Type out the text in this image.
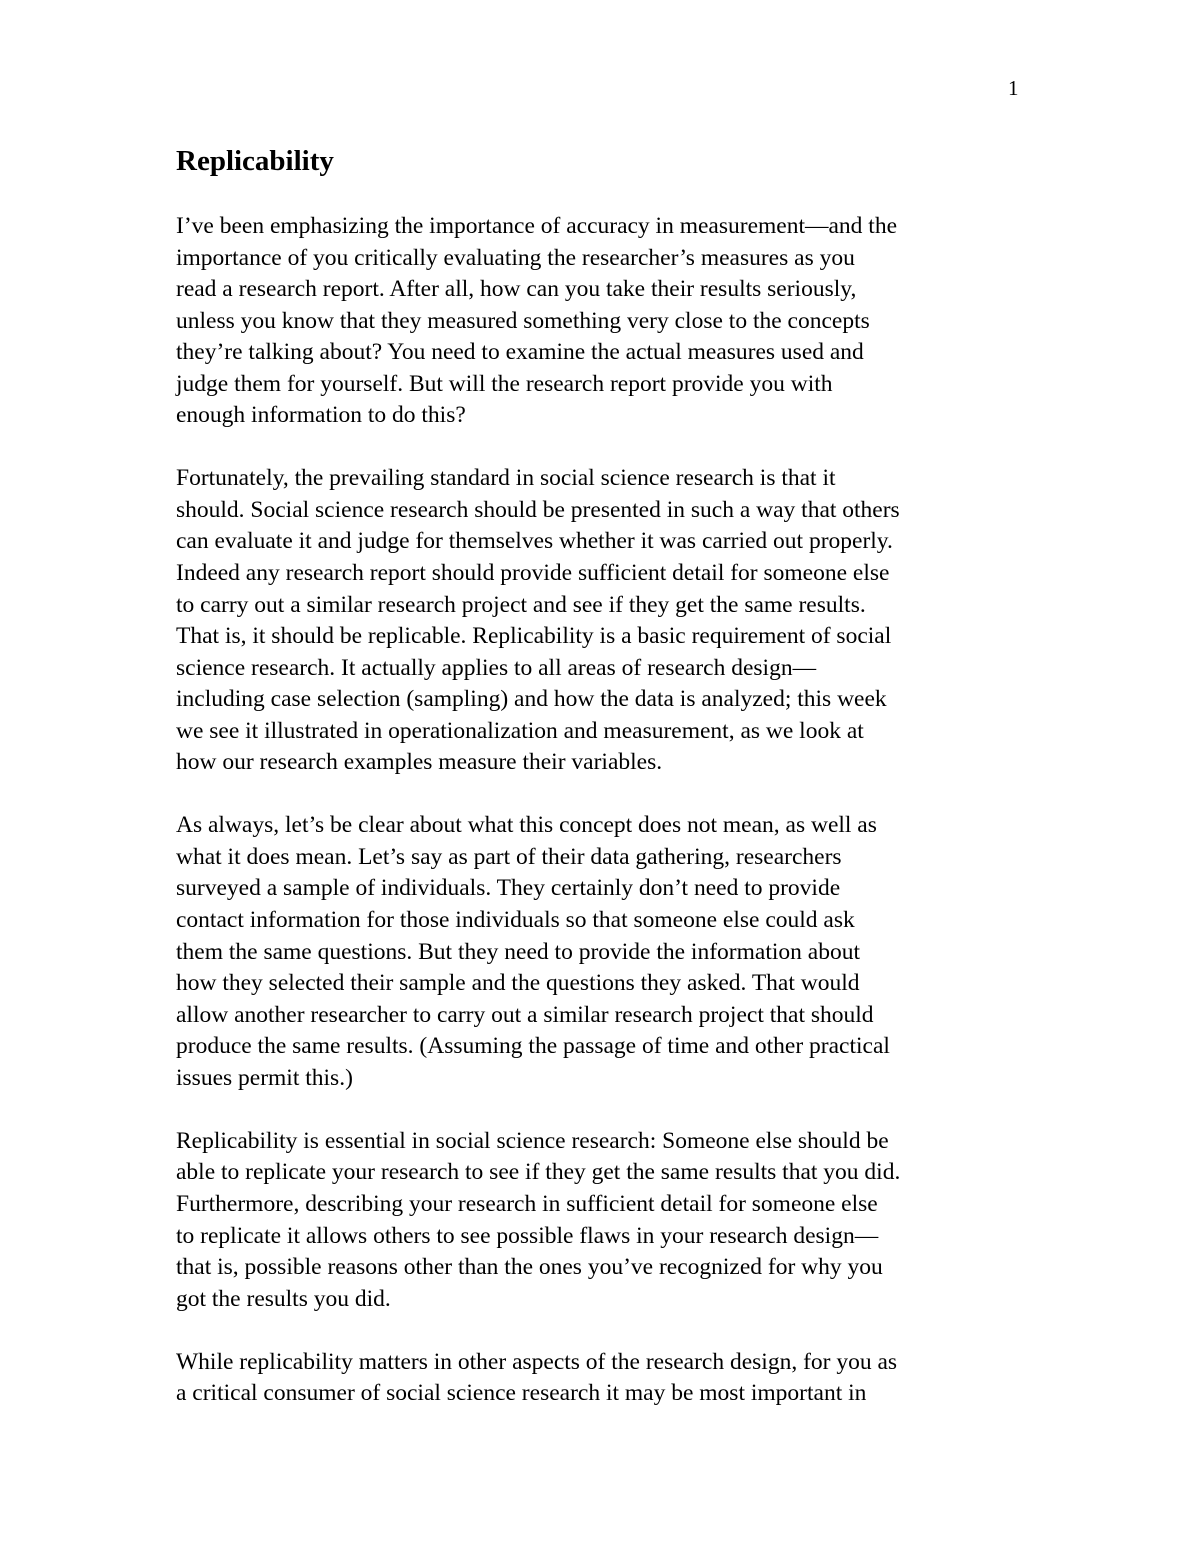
1
Replicability

I’ve been emphasizing the importance of accuracy in measurement—and the
importance of you critically evaluating the researcher’s measures as you
read a research report. After all, how can you take their results seriously,
unless you know that they measured something very close to the concepts
they’re talking about? You need to examine the actual measures used and
judge them for yourself. But will the research report provide you with
enough information to do this?

Fortunately, the prevailing standard in social science research is that it
should. Social science research should be presented in such a way that others
can evaluate it and judge for themselves whether it was carried out properly.
Indeed any research report should provide sufficient detail for someone else
to carry out a similar research project and see if they get the same results.
That is, it should be replicable. Replicability is a basic requirement of social
science research. It actually applies to all areas of research design—
including case selection (sampling) and how the data is analyzed; this week
we see it illustrated in operationalization and measurement, as we look at
how our research examples measure their variables.

As always, let’s be clear about what this concept does not mean, as well as
what it does mean. Let’s say as part of their data gathering, researchers
surveyed a sample of individuals. They certainly don’t need to provide
contact information for those individuals so that someone else could ask
them the same questions. But they need to provide the information about
how they selected their sample and the questions they asked. That would
allow another researcher to carry out a similar research project that should
produce the same results. (Assuming the passage of time and other practical
issues permit this.)

Replicability is essential in social science research: Someone else should be
able to replicate your research to see if they get the same results that you did.
Furthermore, describing your research in sufficient detail for someone else
to replicate it allows others to see possible flaws in your research design—
that is, possible reasons other than the ones you’ve recognized for why you
got the results you did.

While replicability matters in other aspects of the research design, for you as
a critical consumer of social science research it may be most important in
